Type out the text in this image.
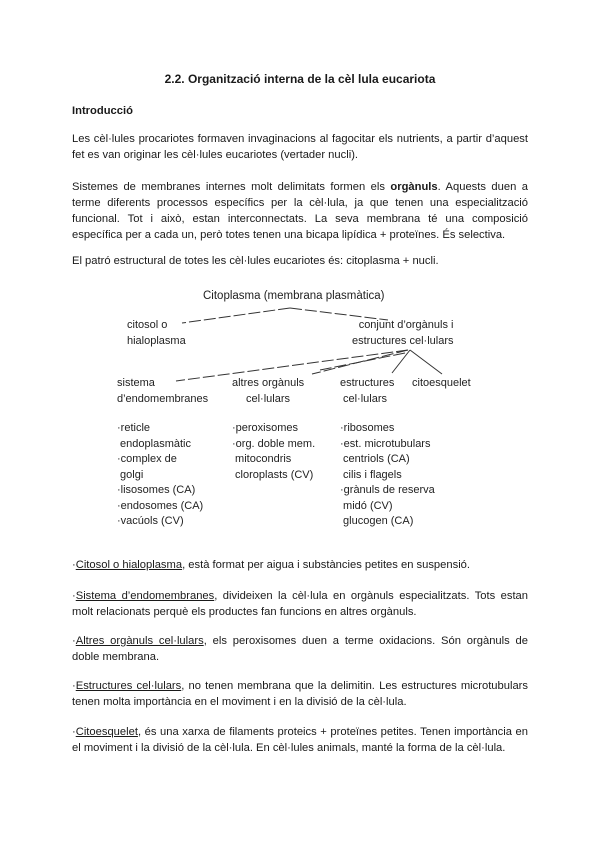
2.2. Organització interna de la cèl lula eucariota
Introducció

Les cèl·lules procariotes formaven invaginacions al fagocitar els nutrients, a partir d’aquest fet es van originar les cèl·lules eucariotes (vertader nucli).

Sistemes de membranes internes molt delimitats formen els orgànuls. Aquests duen a terme diferents processos específics per la cèl·lula, ja que tenen una especialització funcional. Tot i això, estan interconnectats. La seva membrana té una composició específica per a cada un, però totes tenen una bicapa lipídica + proteïnes. És selectiva.

El patró estructural de totes les cèl·lules eucariotes és: citoplasma + nucli.

Citoplasma (membrana plasmàtica)
citosol o
hialoplasma
conjunt d’orgànuls i
estructures cel·lulars
sistema
d’endomembranes
·reticle
endoplasmàtic
·complex de
golgi
·lisosomes (CA)
·endosomes (CA)
·vacúols (CV)
altres orgànuls
cel·lulars
·peroxisomes
·org. doble mem.
mitocondris
cloroplasts (CV)
estructures
cel·lulars
·ribosomes
·est. microtubulars
centriols (CA)
cilis i flagels
·grànuls de reserva
midó (CV)
glucogen (CA)
citoesquelet

·Citosol o hialoplasma, està format per aigua i substàncies petites en suspensió.

·Sistema d’endomembranes, divideixen la cèl·lula en orgànuls especialitzats. Tots estan molt relacionats perquè els productes fan funcions en altres orgànuls.

·Altres orgànuls cel·lulars, els peroxisomes duen a terme oxidacions. Són orgànuls de doble membrana.

·Estructures cel·lulars, no tenen membrana que la delimitin. Les estructures microtubulars tenen molta importància en el moviment i en la divisió de la cèl·lula.

·Citoesquelet, és una xarxa de filaments proteics + proteïnes petites. Tenen importància en el moviment i la divisió de la cèl·lula. En cèl·lules animals, manté la forma de la cèl·lula.
